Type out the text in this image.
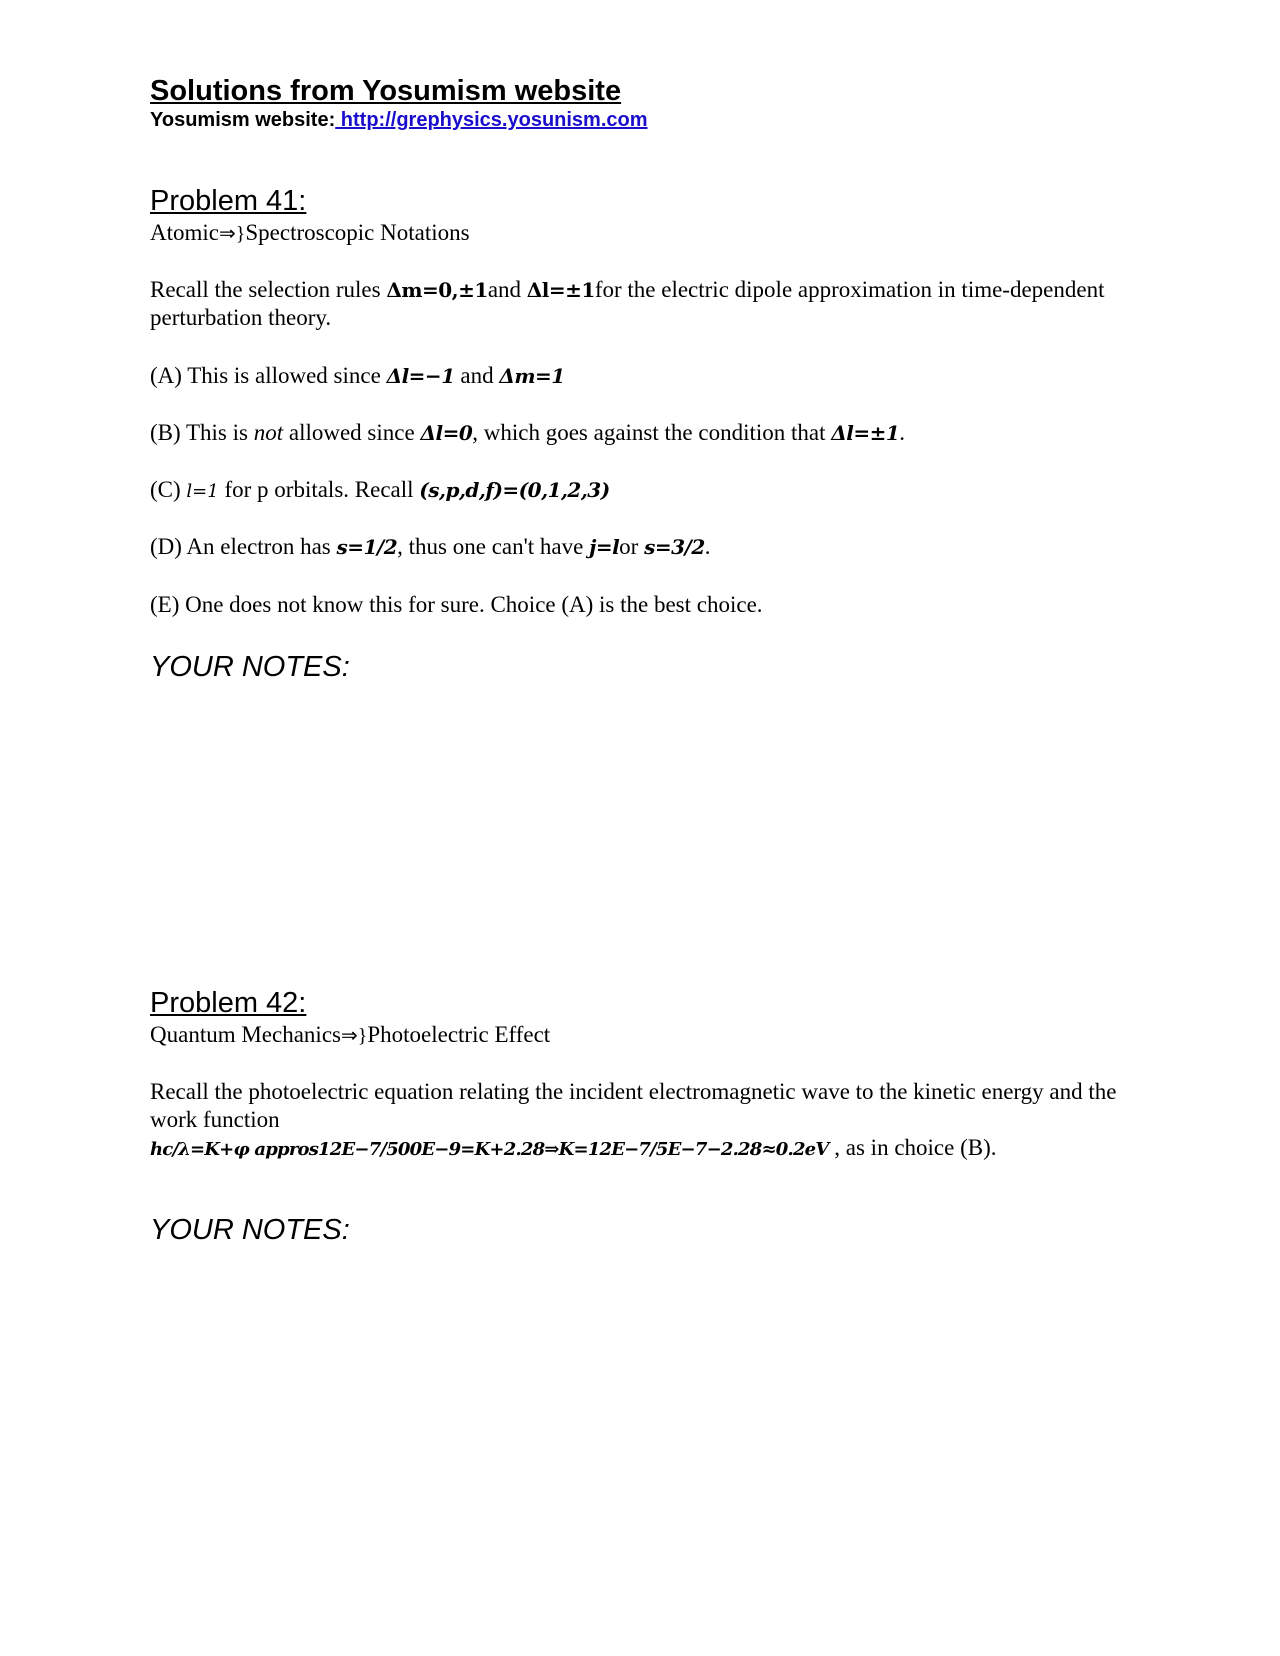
Solutions from Yosumism website
Yosumism website: http://grephysics.yosunism.com
Problem 41:
Atomic⇒}Spectroscopic Notations
Recall the selection rules Δm=0,±1and Δl=±1for the electric dipole approximation in time-dependent perturbation theory.
(A) This is allowed since Δl=−1 and Δm=1
(B) This is not allowed since Δl=0, which goes against the condition that Δl=±1.
(C) l=1 for p orbitals. Recall (s,p,d,f)=(0,1,2,3)
(D) An electron has s=1/2, thus one can't have j=lor s=3/2.
(E) One does not know this for sure. Choice (A) is the best choice.
YOUR NOTES:
Problem 42:
Quantum Mechanics⇒}Photoelectric Effect
Recall the photoelectric equation relating the incident electromagnetic wave to the kinetic energy and the work function
hc/λ=K+φ appros12E−7/500E−9=K+2.28⇒K=12E−7/5E−7−2.28≈0.2eV , as in choice (B).
YOUR NOTES:
